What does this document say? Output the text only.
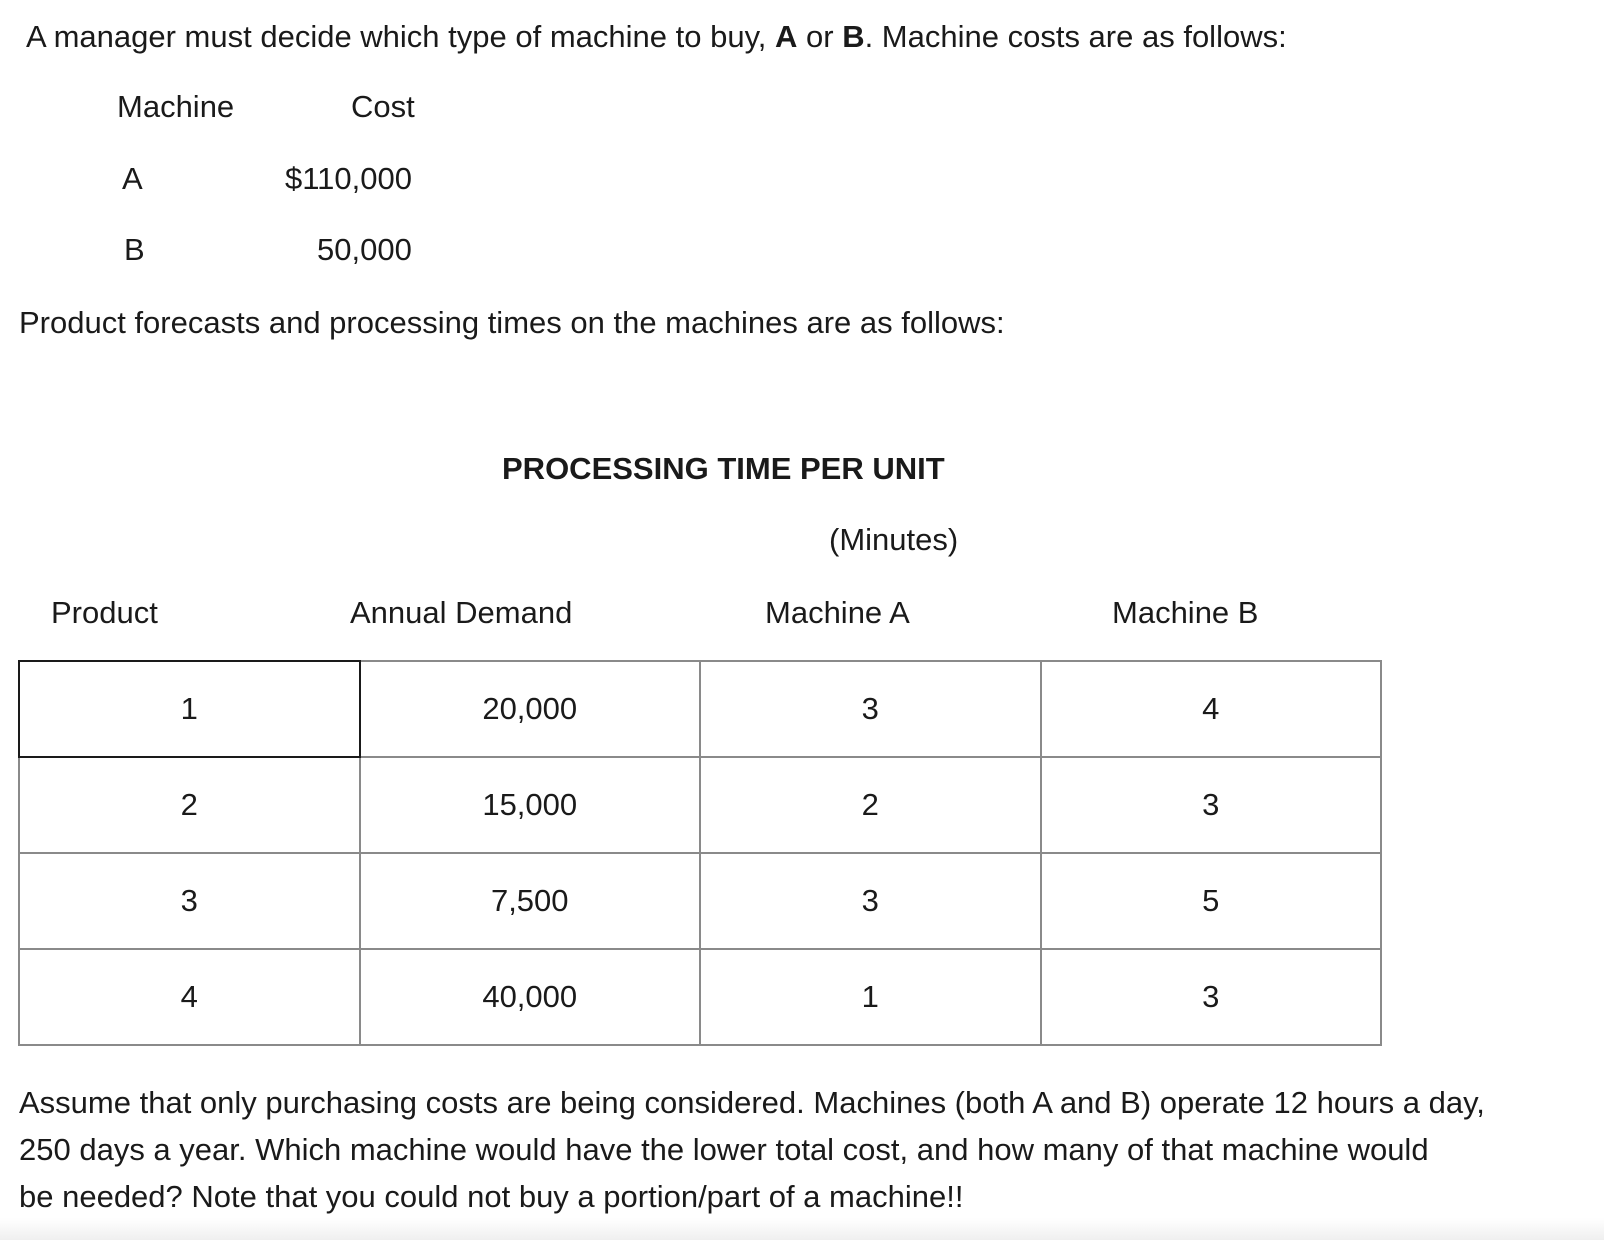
A manager must decide which type of machine to buy, A or B. Machine costs are as follows:
Machine	Cost
A	$110,000
B	50,000
Product forecasts and processing times on the machines are as follows:
PROCESSING TIME PER UNIT
(Minutes)
Product	Annual Demand	Machine A	Machine B
1	20,000	3	4
2	15,000	2	3
3	7,500	3	5
4	40,000	1	3
Assume that only purchasing costs are being considered. Machines (both A and B) operate 12 hours a day,
250 days a year. Which machine would have the lower total cost, and how many of that machine would
be needed? Note that you could not buy a portion/part of a machine!!
